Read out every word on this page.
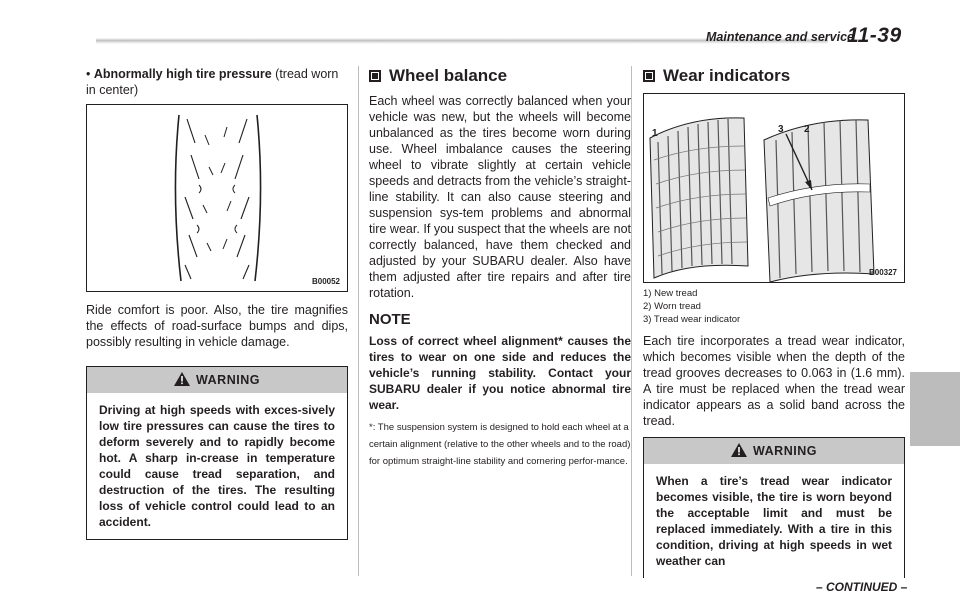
Maintenance and service
11-39
• Abnormally high tire pressure (tread worn in center)
B00052
Ride comfort is poor. Also, the tire magnifies the effects of road-surface bumps and dips, possibly resulting in vehicle damage.
WARNING
Driving at high speeds with exces-sively low tire pressures can cause the tires to deform severely and to rapidly become hot. A sharp in-crease in temperature could cause tread separation, and destruction of the tires. The resulting loss of vehicle control could lead to an accident.
Wheel balance
Each wheel was correctly balanced when your vehicle was new, but the wheels will become unbalanced as the tires become worn during use. Wheel imbalance causes the steering wheel to vibrate slightly at certain vehicle speeds and detracts from the vehicle’s straight-line stability. It can also cause steering and suspension sys-tem problems and abnormal tire wear. If you suspect that the wheels are not correctly balanced, have them checked and adjusted by your SUBARU dealer. Also have them adjusted after tire repairs and after tire rotation.
NOTE
Loss of correct wheel alignment* causes the tires to wear on one side and reduces the vehicle’s running stability. Contact your SUBARU dealer if you notice abnormal tire wear.
*: The suspension system is designed to hold each wheel at a certain alignment (relative to the other wheels and to the road) for optimum straight-line stability and cornering perfor-mance.
Wear indicators
1	3 2
B00327
1) New tread
2) Worn tread
3) Tread wear indicator
Each tire incorporates a tread wear indicator, which becomes visible when the depth of the tread grooves decreases to 0.063 in (1.6 mm). A tire must be replaced when the tread wear indicator appears as a solid band across the tread.
WARNING
When a tire’s tread wear indicator becomes visible, the tire is worn beyond the acceptable limit and must be replaced immediately. With a tire in this condition, driving at high speeds in wet weather can
– CONTINUED –
